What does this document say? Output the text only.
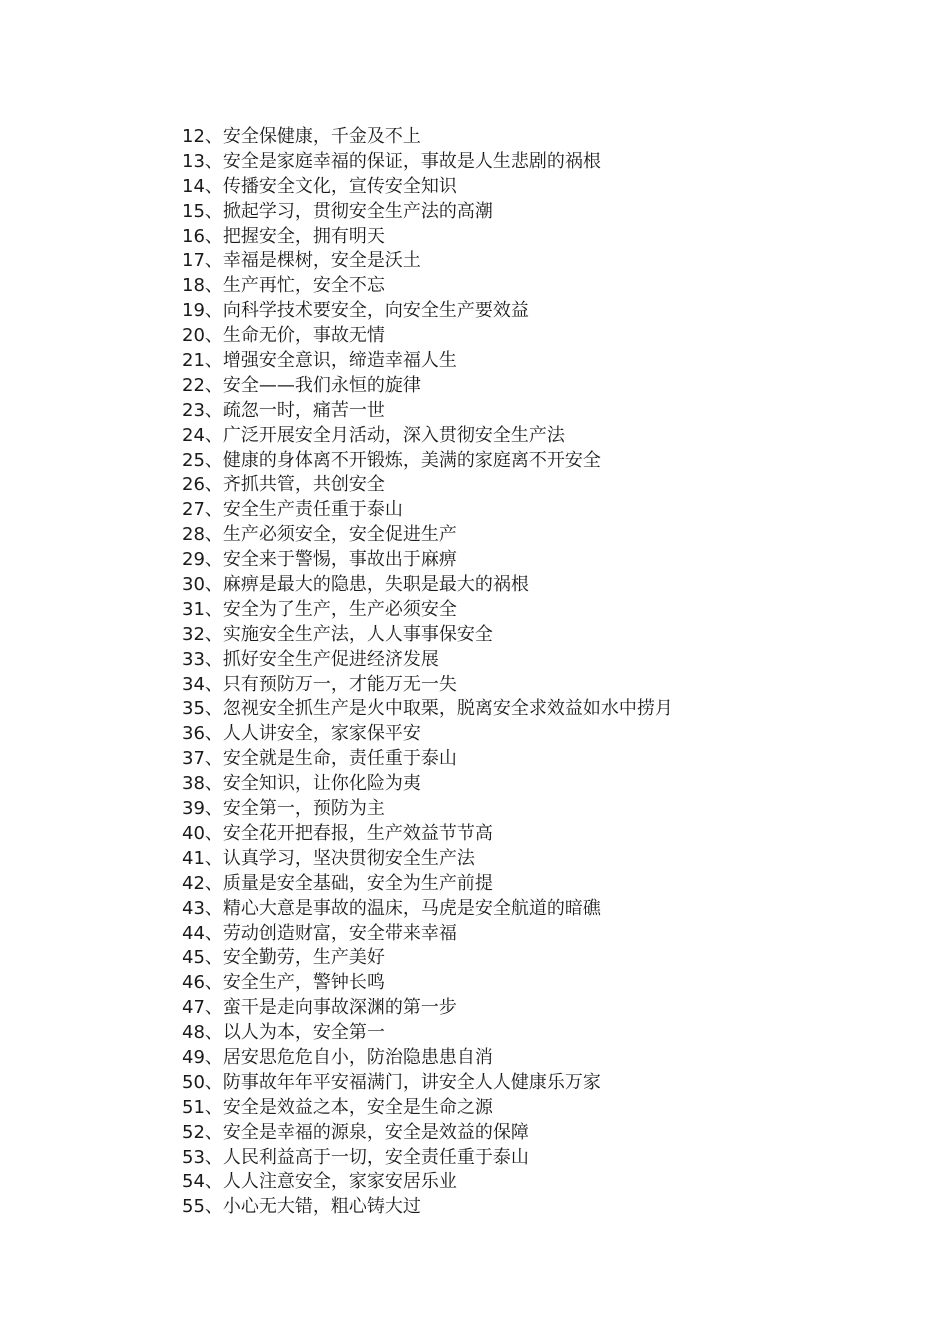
12、安全保健康，千金及不上
13、安全是家庭幸福的保证，事故是人生悲剧的祸根
14、传播安全文化，宣传安全知识
15、掀起学习，贯彻安全生产法的高潮
16、把握安全，拥有明天
17、幸福是棵树，安全是沃土
18、生产再忙，安全不忘
19、向科学技术要安全，向安全生产要效益
20、生命无价，事故无情
21、增强安全意识，缔造幸福人生
22、安全——我们永恒的旋律
23、疏忽一时，痛苦一世
24、广泛开展安全月活动，深入贯彻安全生产法
25、健康的身体离不开锻炼，美满的家庭离不开安全
26、齐抓共管，共创安全
27、安全生产责任重于泰山
28、生产必须安全，安全促进生产
29、安全来于警惕，事故出于麻痹
30、麻痹是最大的隐患，失职是最大的祸根
31、安全为了生产，生产必须安全
32、实施安全生产法，人人事事保安全
33、抓好安全生产促进经济发展
34、只有预防万一，才能万无一失
35、忽视安全抓生产是火中取栗，脱离安全求效益如水中捞月
36、人人讲安全，家家保平安
37、安全就是生命，责任重于泰山
38、安全知识，让你化险为夷
39、安全第一，预防为主
40、安全花开把春报，生产效益节节高
41、认真学习，坚决贯彻安全生产法
42、质量是安全基础，安全为生产前提
43、精心大意是事故的温床，马虎是安全航道的暗礁
44、劳动创造财富，安全带来幸福
45、安全勤劳，生产美好
46、安全生产，警钟长鸣
47、蛮干是走向事故深渊的第一步
48、以人为本，安全第一
49、居安思危危自小，防治隐患患自消
50、防事故年年平安福满门，讲安全人人健康乐万家
51、安全是效益之本，安全是生命之源
52、安全是幸福的源泉，安全是效益的保障
53、人民利益高于一切，安全责任重于泰山
54、人人注意安全，家家安居乐业
55、小心无大错，粗心铸大过
